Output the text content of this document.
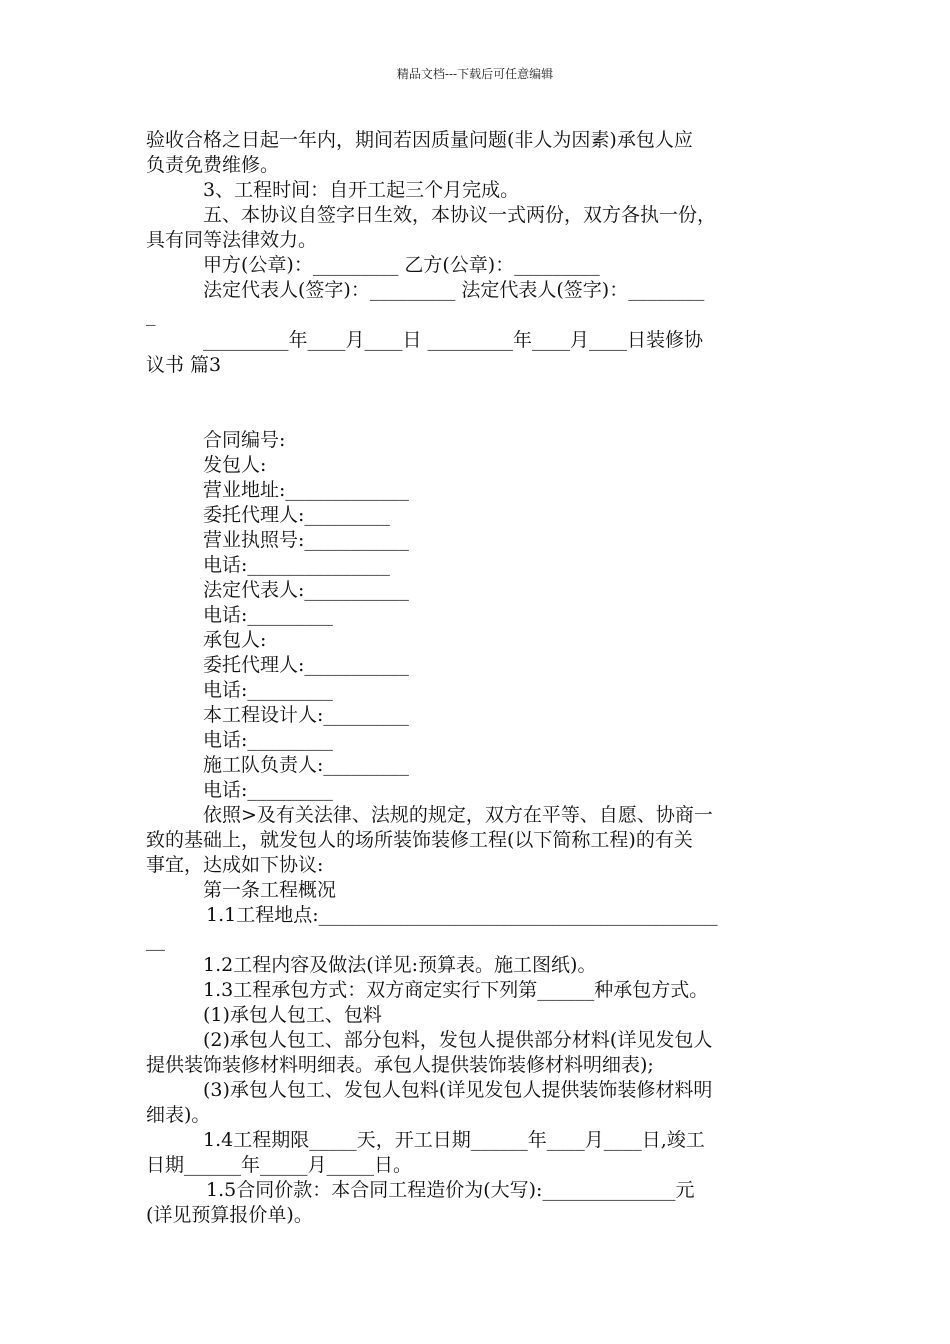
精品文档---下载后可任意编辑
验收合格之日起一年内，期间若因质量问题(非人为因素)承包人应
负责免费维修。
3、工程时间：自开工起三个月完成。
五、本协议自签字日生效，本协议一式两份，双方各执一份，
具有同等法律效力。
甲方(公章)：_________ 乙方(公章)：_________
法定代表人(签字)：_________ 法定代表人(签字)：________
_
_________年____月____日 _________年____月____日装修协
议书 篇3
合同编号:
发包人:
营业地址:_____________
委托代理人:_________
营业执照号:___________
电话:_______________
法定代表人:___________
电话:_________
承包人:
委托代理人:___________
电话:_________
本工程设计人:_________
电话:_________
施工队负责人:_________
电话:_________
依照>及有关法律、法规的规定，双方在平等、自愿、协商一
致的基础上，就发包人的场所装饰装修工程(以下简称工程)的有关
事宜，达成如下协议:
第一条工程概况
1.1工程地点:__________________________________________
__
1.2工程内容及做法(详见:预算表。施工图纸)。
1.3工程承包方式：双方商定实行下列第______种承包方式。
(1)承包人包工、包料
(2)承包人包工、部分包料，发包人提供部分材料(详见发包人
提供装饰装修材料明细表。承包人提供装饰装修材料明细表);
(3)承包人包工、发包人包料(详见发包人提供装饰装修材料明
细表)。
1.4工程期限_____天，开工日期______年____月____日,竣工
日期______年_____月_____日。
1.5合同价款：本合同工程造价为(大写):______________元
(详见预算报价单)。
